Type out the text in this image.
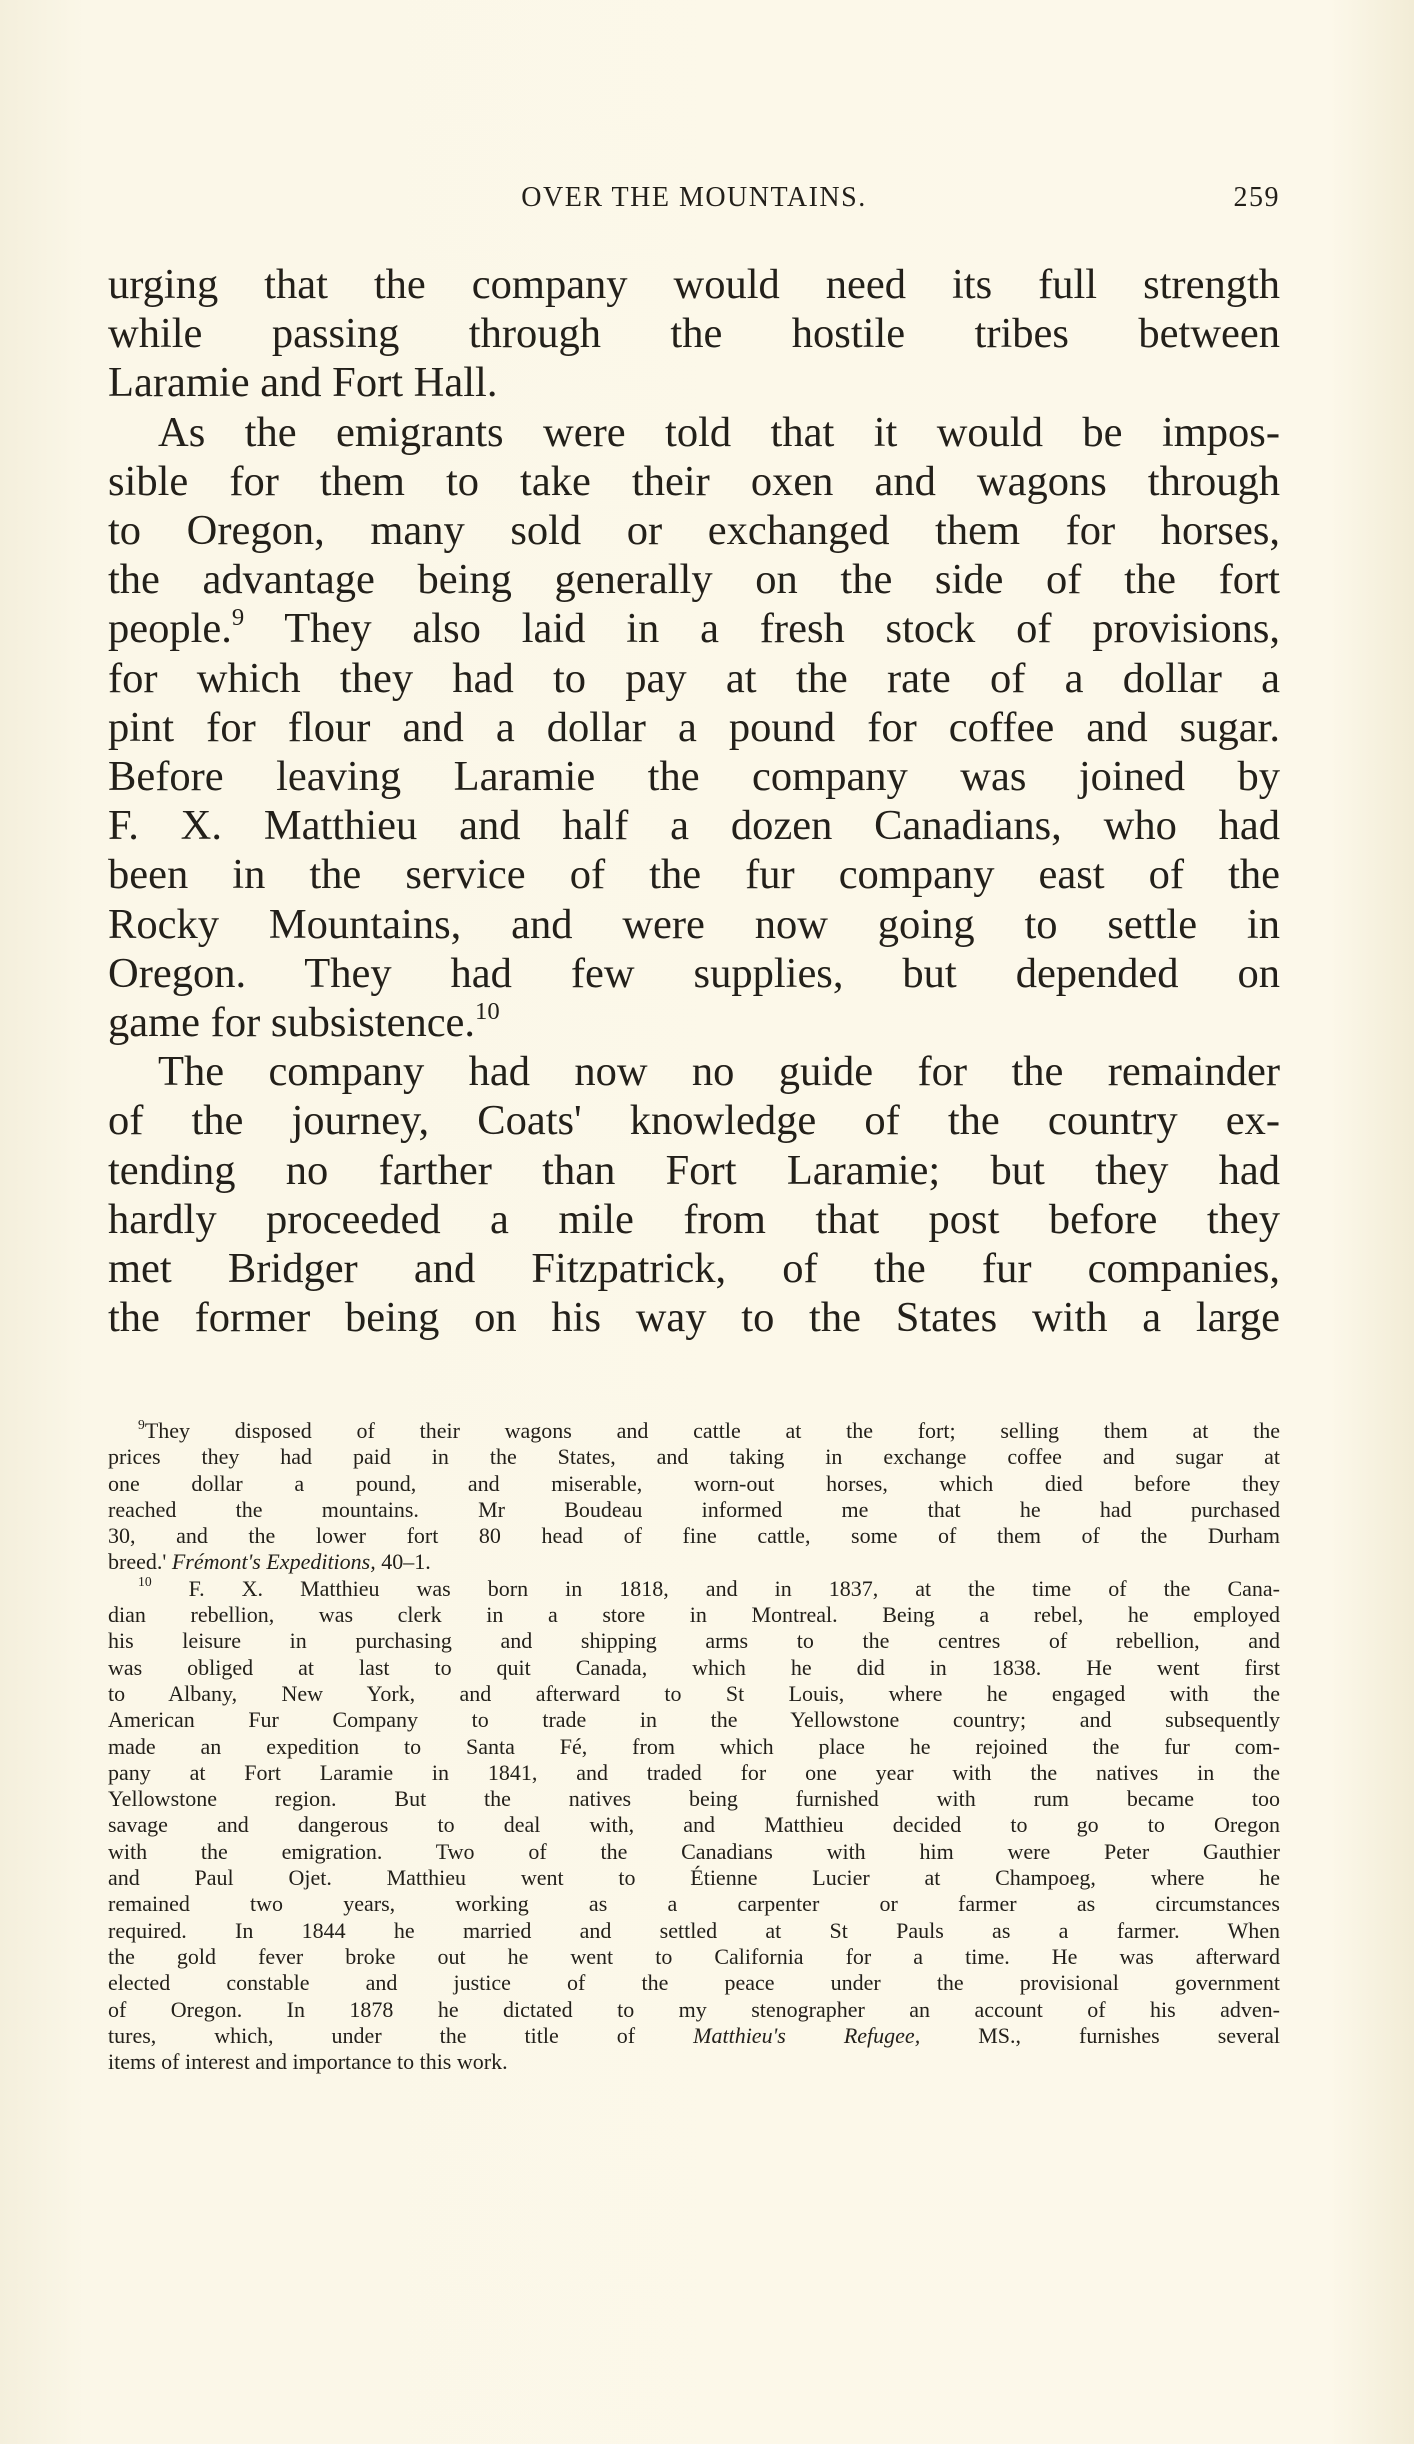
OVER THE MOUNTAINS.	259
urging that the company would need its full strength
while passing through the hostile tribes between
Laramie and Fort Hall.
As the emigrants were told that it would be impos-
sible for them to take their oxen and wagons through
to Oregon, many sold or exchanged them for horses,
the advantage being generally on the side of the fort
people.$^9$ They also laid in a fresh stock of provisions,
for which they had to pay at the rate of a dollar a
pint for flour and a dollar a pound for coffee and sugar.
Before leaving Laramie the company was joined by
F. X. Matthieu and half a dozen Canadians, who had
been in the service of the fur company east of the
Rocky Mountains, and were now going to settle in
Oregon. They had few supplies, but depended on
game for subsistence.$^{10}$
The company had now no guide for the remainder
of the journey, Coats' knowledge of the country ex-
tending no farther than Fort Laramie; but they had
hardly proceeded a mile from that post before they
met Bridger and Fitzpatrick, of the fur companies,
the former being on his way to the States with a large
$^9$They disposed of their wagons and cattle at the fort; selling them at the
prices they had paid in the States, and taking in exchange coffee and sugar at
one dollar a pound, and miserable, worn-out horses, which died before they
reached the mountains. Mr Boudeau informed me that he had purchased
30, and the lower fort 80 head of fine cattle, some of them of the Durham
breed.' Frémont's Expeditions, 40–1.
$^{10}$ F. X. Matthieu was born in 1818, and in 1837, at the time of the Cana-
dian rebellion, was clerk in a store in Montreal. Being a rebel, he employed
his leisure in purchasing and shipping arms to the centres of rebellion, and
was obliged at last to quit Canada, which he did in 1838. He went first
to Albany, New York, and afterward to St Louis, where he engaged with the
American Fur Company to trade in the Yellowstone country; and subsequently
made an expedition to Santa Fé, from which place he rejoined the fur com-
pany at Fort Laramie in 1841, and traded for one year with the natives in the
Yellowstone region. But the natives being furnished with rum became too
savage and dangerous to deal with, and Matthieu decided to go to Oregon
with the emigration. Two of the Canadians with him were Peter Gauthier
and Paul Ojet. Matthieu went to Étienne Lucier at Champoeg, where he
remained two years, working as a carpenter or farmer as circumstances
required. In 1844 he married and settled at St Pauls as a farmer. When
the gold fever broke out he went to California for a time. He was afterward
elected constable and justice of the peace under the provisional government
of Oregon. In 1878 he dictated to my stenographer an account of his adven-
tures, which, under the title of	Matthieu's Refugee,	MS., furnishes several
items of interest and importance to this work.
